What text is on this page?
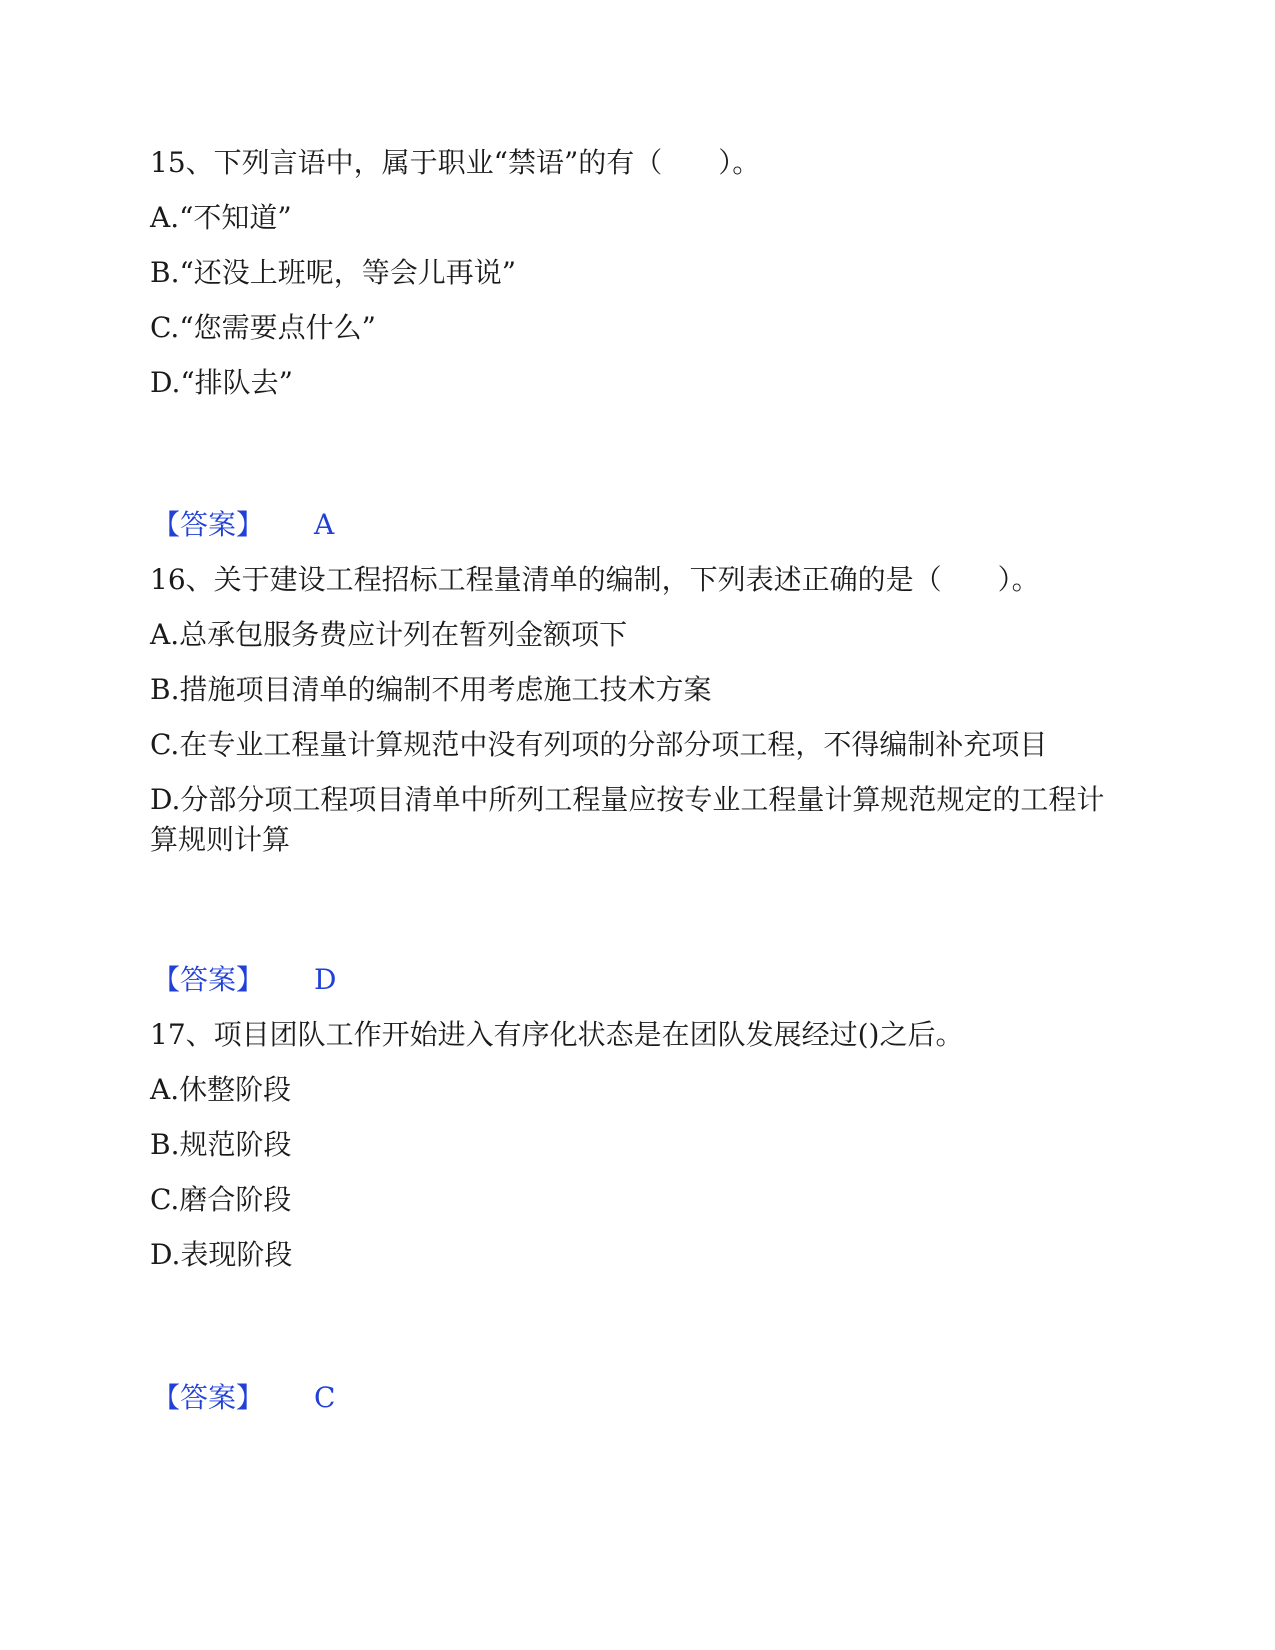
15、下列言语中，属于职业“禁语”的有（　　）。
A.“不知道”
B.“还没上班呢，等会儿再说”
C.“您需要点什么”
D.“排队去”
【答案】 A
16、关于建设工程招标工程量清单的编制，下列表述正确的是（　　）。
A.总承包服务费应计列在暂列金额项下
B.措施项目清单的编制不用考虑施工技术方案
C.在专业工程量计算规范中没有列项的分部分项工程，不得编制补充项目
D.分部分项工程项目清单中所列工程量应按专业工程量计算规范规定的工程计算规则计算
【答案】 D
17、项目团队工作开始进入有序化状态是在团队发展经过()之后。
A.休整阶段
B.规范阶段
C.磨合阶段
D.表现阶段
【答案】 C
